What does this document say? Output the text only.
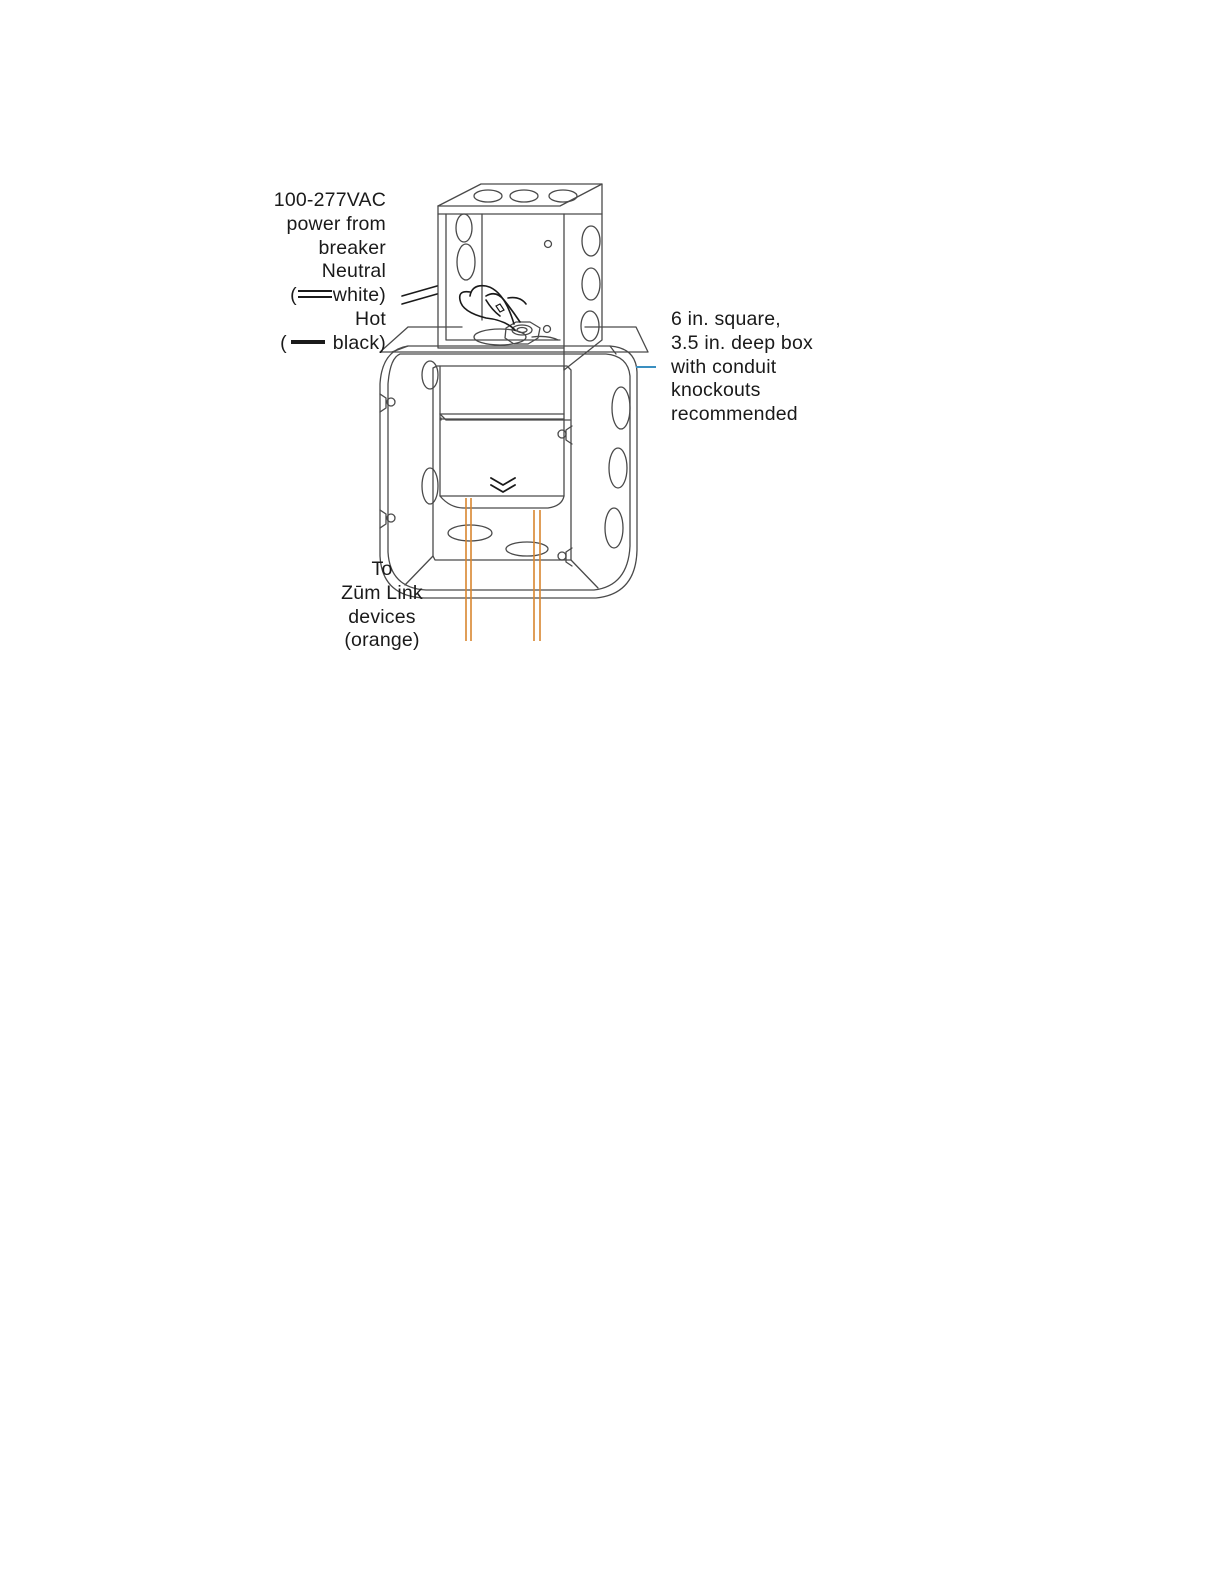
100-277VAC
power from
breaker
Neutral
( white)
Hot
( black)
6 in. square,
3.5 in. deep box
with conduit
knockouts
recommended
To
Zūm Link
devices
(orange)
